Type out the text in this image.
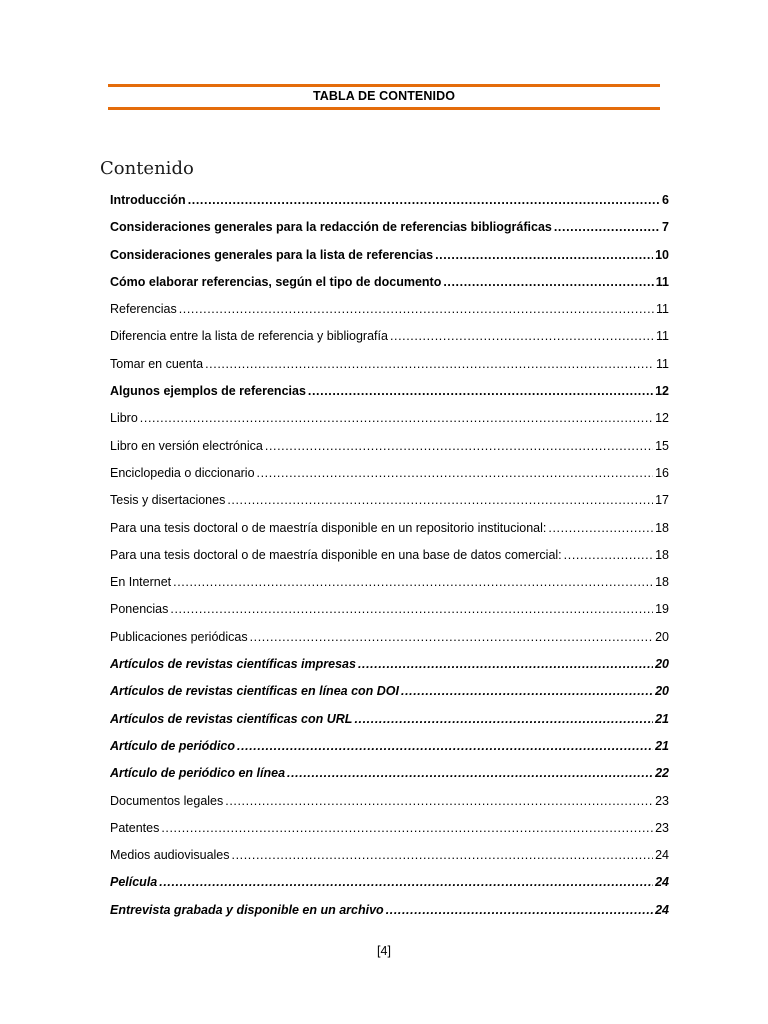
TABLA DE CONTENIDO
Contenido
Introducción .....	6
Consideraciones generales para la redacción de referencias bibliográficas .....	7
Consideraciones generales para la lista de referencias .....	10
Cómo elaborar referencias, según el tipo de documento .....	11
Referencias .....	11
Diferencia entre la lista de referencia y bibliografía .....	11
Tomar en cuenta .....	11
Algunos ejemplos de referencias .....	12
Libro .....	12
Libro en versión electrónica .....	15
Enciclopedia o diccionario .....	16
Tesis y disertaciones .....	17
Para una tesis doctoral o de maestría disponible en un repositorio institucional: .....	18
Para una tesis doctoral o de maestría disponible en una base de datos comercial: .....	18
En Internet .....	18
Ponencias .....	19
Publicaciones periódicas .....	20
Artículos de revistas científicas impresas .....	20
Artículos de revistas científicas en línea con DOI .....	20
Artículos de revistas científicas con URL .....	21
Artículo de periódico .....	21
Artículo de periódico en línea .....	22
Documentos legales .....	23
Patentes .....	23
Medios audiovisuales .....	24
Película .....	24
Entrevista grabada y disponible en un archivo .....	24
[4]
